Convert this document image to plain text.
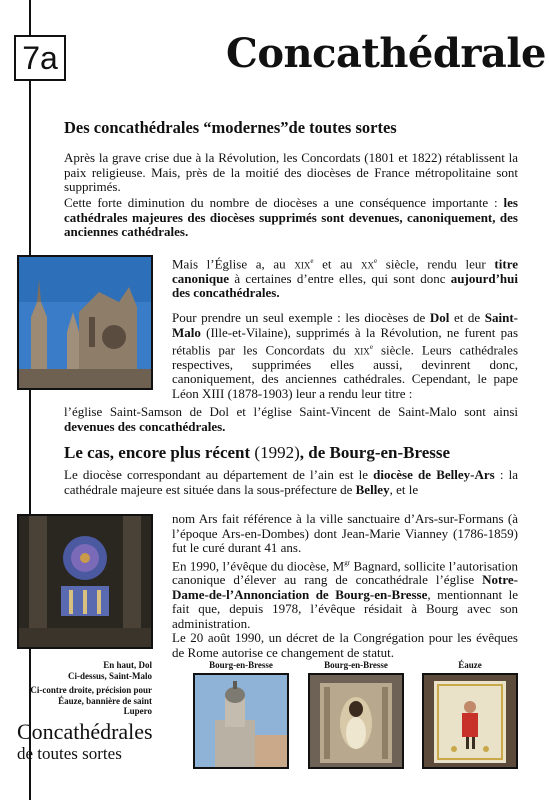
7a	Concathédrale
Des concathédrales “modernes”de toutes sortes

Après la grave crise due à la Révolution, les Concordats (1801 et 1822) rétablissent la paix religieuse. Mais, près de la moitié des diocèses de France métropolitaine sont supprimés.

Cette forte diminution du nombre de diocèses a une conséquence importante : les cathédrales majeures des diocèses supprimés sont devenues, canoniquement, des anciennes cathédrales.

Mais l’Église a, au xix$^e$ et au $xx^e$ siècle, rendu leur titre canonique à certaines d’entre elles, qui sont donc aujourd’hui des concathédrales.

Pour prendre un seul exemple : les diocèses de Dol et de Saint-Malo (Ille-et-Vilaine), supprimés à la Révolution, ne furent pas rétablis par les Concordats du xix$^e$ siècle. Leurs cathédrales respectives, supprimées elles aussi, devinrent donc, canoniquement, des anciennes cathédrales. Cependant, le pape Léon XIII (1878-1903) leur a rendu leur titre :

l’église Saint-Samson de Dol et l’église Saint-Vincent de Saint-Malo sont ainsi devenues des concathédrales.

Le cas, encore plus récent (1992), de Bourg-en-Bresse

Le diocèse correspondant au département de l’ain est le diocèse de Belley-Ars : la cathédrale majeure est située dans la sous-préfecture de Belley, et le

nom Ars fait référence à la ville sanctuaire d’Ars-sur-Formans (à l’époque Ars-en-Dombes) dont Jean-Marie Vianney (1786-1859) fut le curé durant 41 ans.
En 1990, l’évêque du diocèse, $M^{gr}$ Bagnard, sollicite l’autorisation canonique d’élever au rang de concathédrale l’église Notre-Dame-de-l’Annonciation de Bourg-en-Bresse, mentionnant le fait que, depuis 1978, l’évêque résidait à Bourg avec son administration.
Le 20 août 1990, un décret de la Congrégation pour les évêques de Rome autorise ce changement de statut.
En haut, Dol
Ci-dessus, Saint-Malo
Ci-contre droite, précision pour Éauze, bannière de saint Lupero
Concathédrales
de toutes sortes
Bourg-en-Bresse	Bourg-en-Bresse	Éauze
